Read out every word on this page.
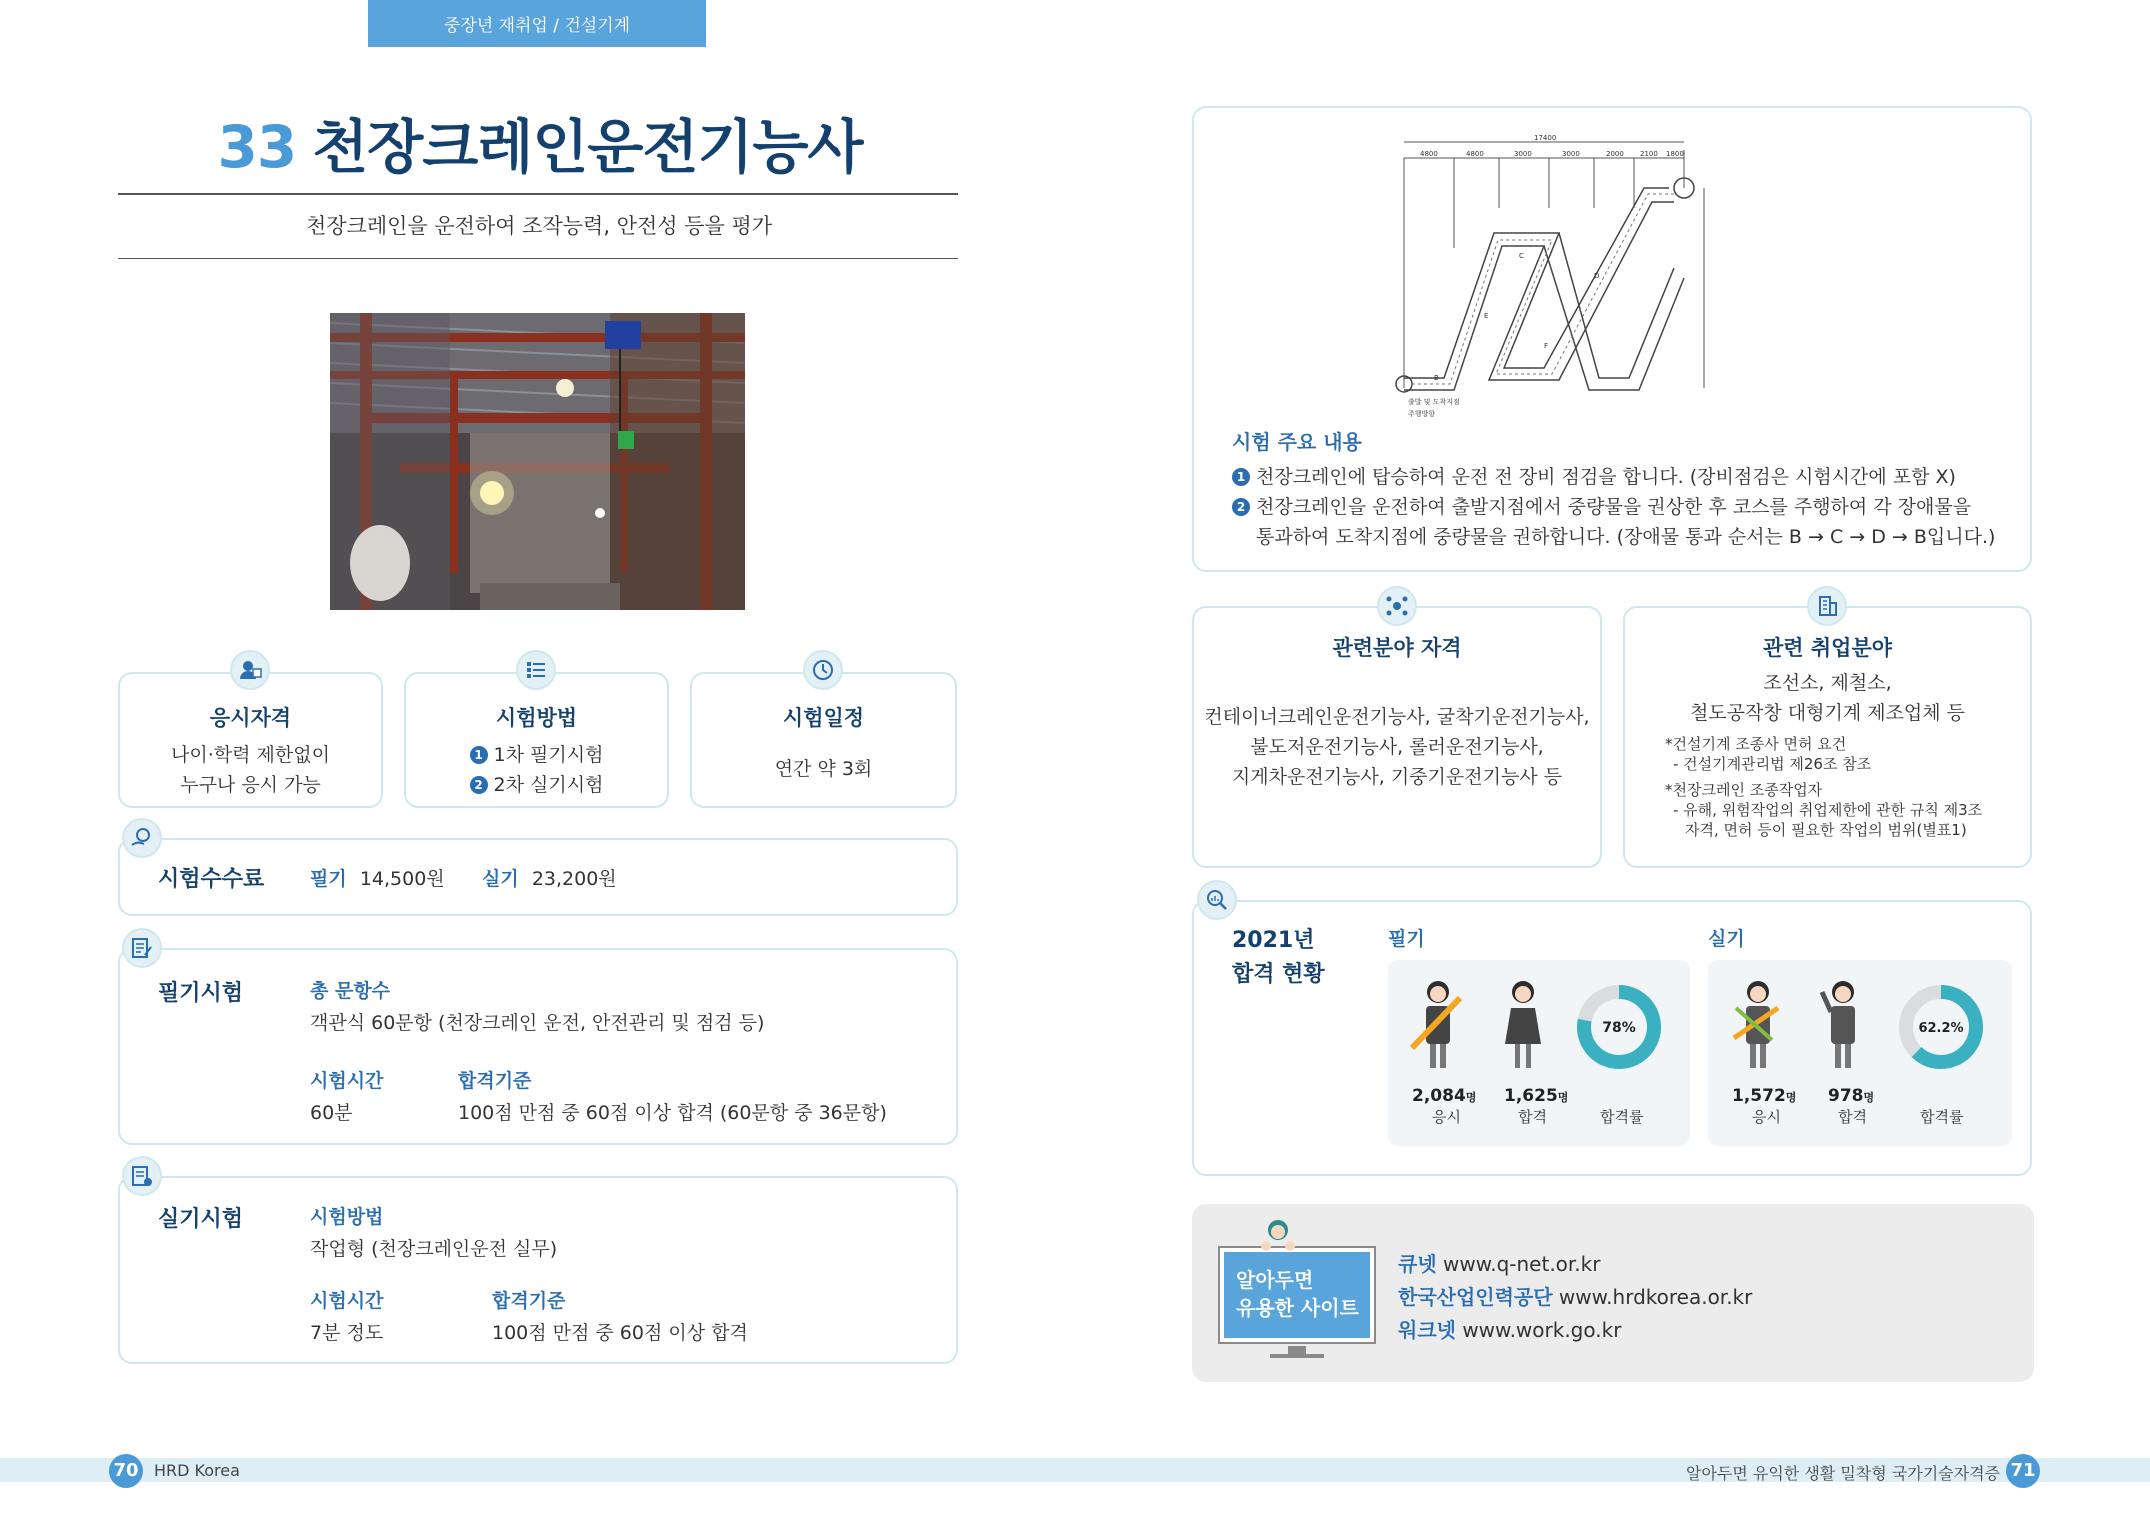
중장년 재취업 / 건설기계
33 천장크레인운전기능사
천장크레인을 운전하여 조작능력, 안전성 등을 평가
응시자격
나이·학력 제한없이
누구나 응시 가능
시험방법
1 1차 필기시험
2 2차 실기시험
시험일정
연간 약 3회
시험수수료 필기 14,500원 실기 23,200원
필기시험	총 문항수
객관식 60문항 (천장크레인 운전, 안전관리 및 점검 등)
시험시간
60분
합격기준
100점 만점 중 60점 이상 합격 (60문항 중 36문항)
실기시험	시험방법
작업형 (천장크레인운전 실무)
시험시간
7분 정도
합격기준
100점 만점 중 60점 이상 합격
4800	4800	3000	3000	2000 2100 1800
17400
B
C
D
E
F
출발 및 도착지점
주행방향
시험 주요 내용
1 천장크레인에 탑승하여 운전 전 장비 점검을 합니다. (장비점검은 시험시간에 포함 X)
2 천장크레인을 운전하여 출발지점에서 중량물을 권상한 후 코스를 주행하여 각 장애물을
통과하여 도착지점에 중량물을 권하합니다. (장애물 통과 순서는 B → C → D → B입니다.)
관련분야 자격
컨테이너크레인운전기능사, 굴착기운전기능사,
불도저운전기능사, 롤러운전기능사,
지게차운전기능사, 기중기운전기능사 등
관련 취업분야
조선소, 제철소,
철도공작창 대형기계 제조업체 등
*건설기계 조종사 면허 요건
- 건설기계관리법 제26조 참조
*천장크레인 조종작업자
- 유해, 위험작업의 취업제한에 관한 규칙 제3조
자격, 면허 등이 필요한 작업의 범위(별표1)
2021년
합격 현황
필기	실기
78%
2,084명 1,625명
응시	합격	합격률
62.2%
1,572명 978명
응시	합격	합격률
알아두면
유용한 사이트
큐넷 www.q-net.or.kr
한국산업인력공단 www.hrdkorea.or.kr
워크넷 www.work.go.kr
70 HRD Korea	알아두면 유익한 생활 밀착형 국가기술자격증 71
